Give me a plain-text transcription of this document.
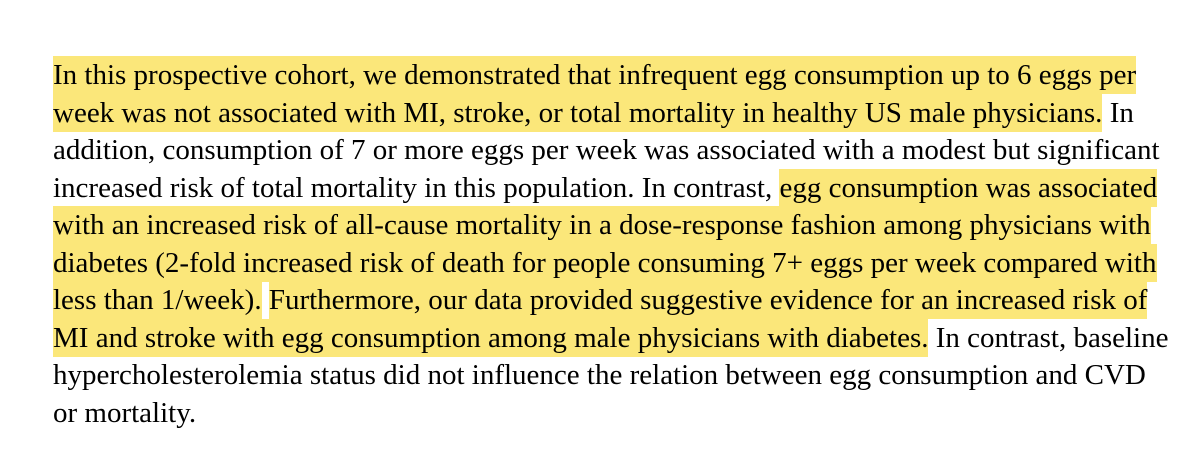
In this prospective cohort, we demonstrated that infrequent egg consumption up to 6 eggs per

week was not associated with MI, stroke, or total mortality in healthy US male physicians. In

addition, consumption of 7 or more eggs per week was associated with a modest but significant

increased risk of total mortality in this population. In contrast, egg consumption was associated

with an increased risk of all-cause mortality in a dose-response fashion among physicians with

diabetes (2-fold increased risk of death for people consuming 7+ eggs per week compared with

less than 1/week). Furthermore, our data provided suggestive evidence for an increased risk of

MI and stroke with egg consumption among male physicians with diabetes. In contrast, baseline

hypercholesterolemia status did not influence the relation between egg consumption and CVD

or mortality.
